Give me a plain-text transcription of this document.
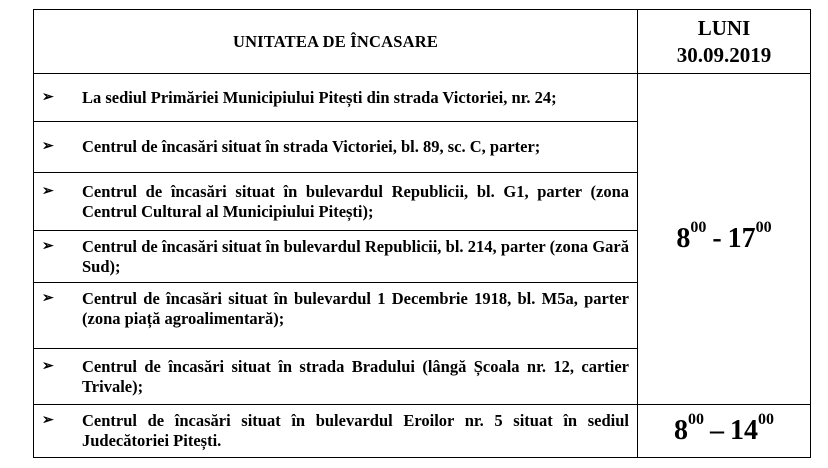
UNITATEA DE ÎNCASARE	LUNI
30.09.2019

➢ La sediul Primăriei Municipiului Pitești din strada Victoriei, nr. 24;	$8^{00} - 17^{00}$

➢ Centrul de încasări situat în strada Victoriei, bl. 89, sc. C, parter;	

➢ Centrul de încasări situat în bulevardul Republicii, bl. G1, parter (zona Centrul Cultural al Municipiului Pitești);	

➢ Centrul de încasări situat în bulevardul Republicii, bl. 214, parter (zona Gară Sud);	

➢ Centrul de încasări situat în bulevardul 1 Decembrie 1918, bl. M5a, parter (zona piață agroalimentară);	

➢ Centrul de încasări situat în strada Bradului (lângă Școala nr. 12, cartier Trivale);	

➢ Centrul de încasări situat în bulevardul Eroilor nr. 5 situat în sediul Judecătoriei Pitești.	$8^{00} - 14^{00}$
